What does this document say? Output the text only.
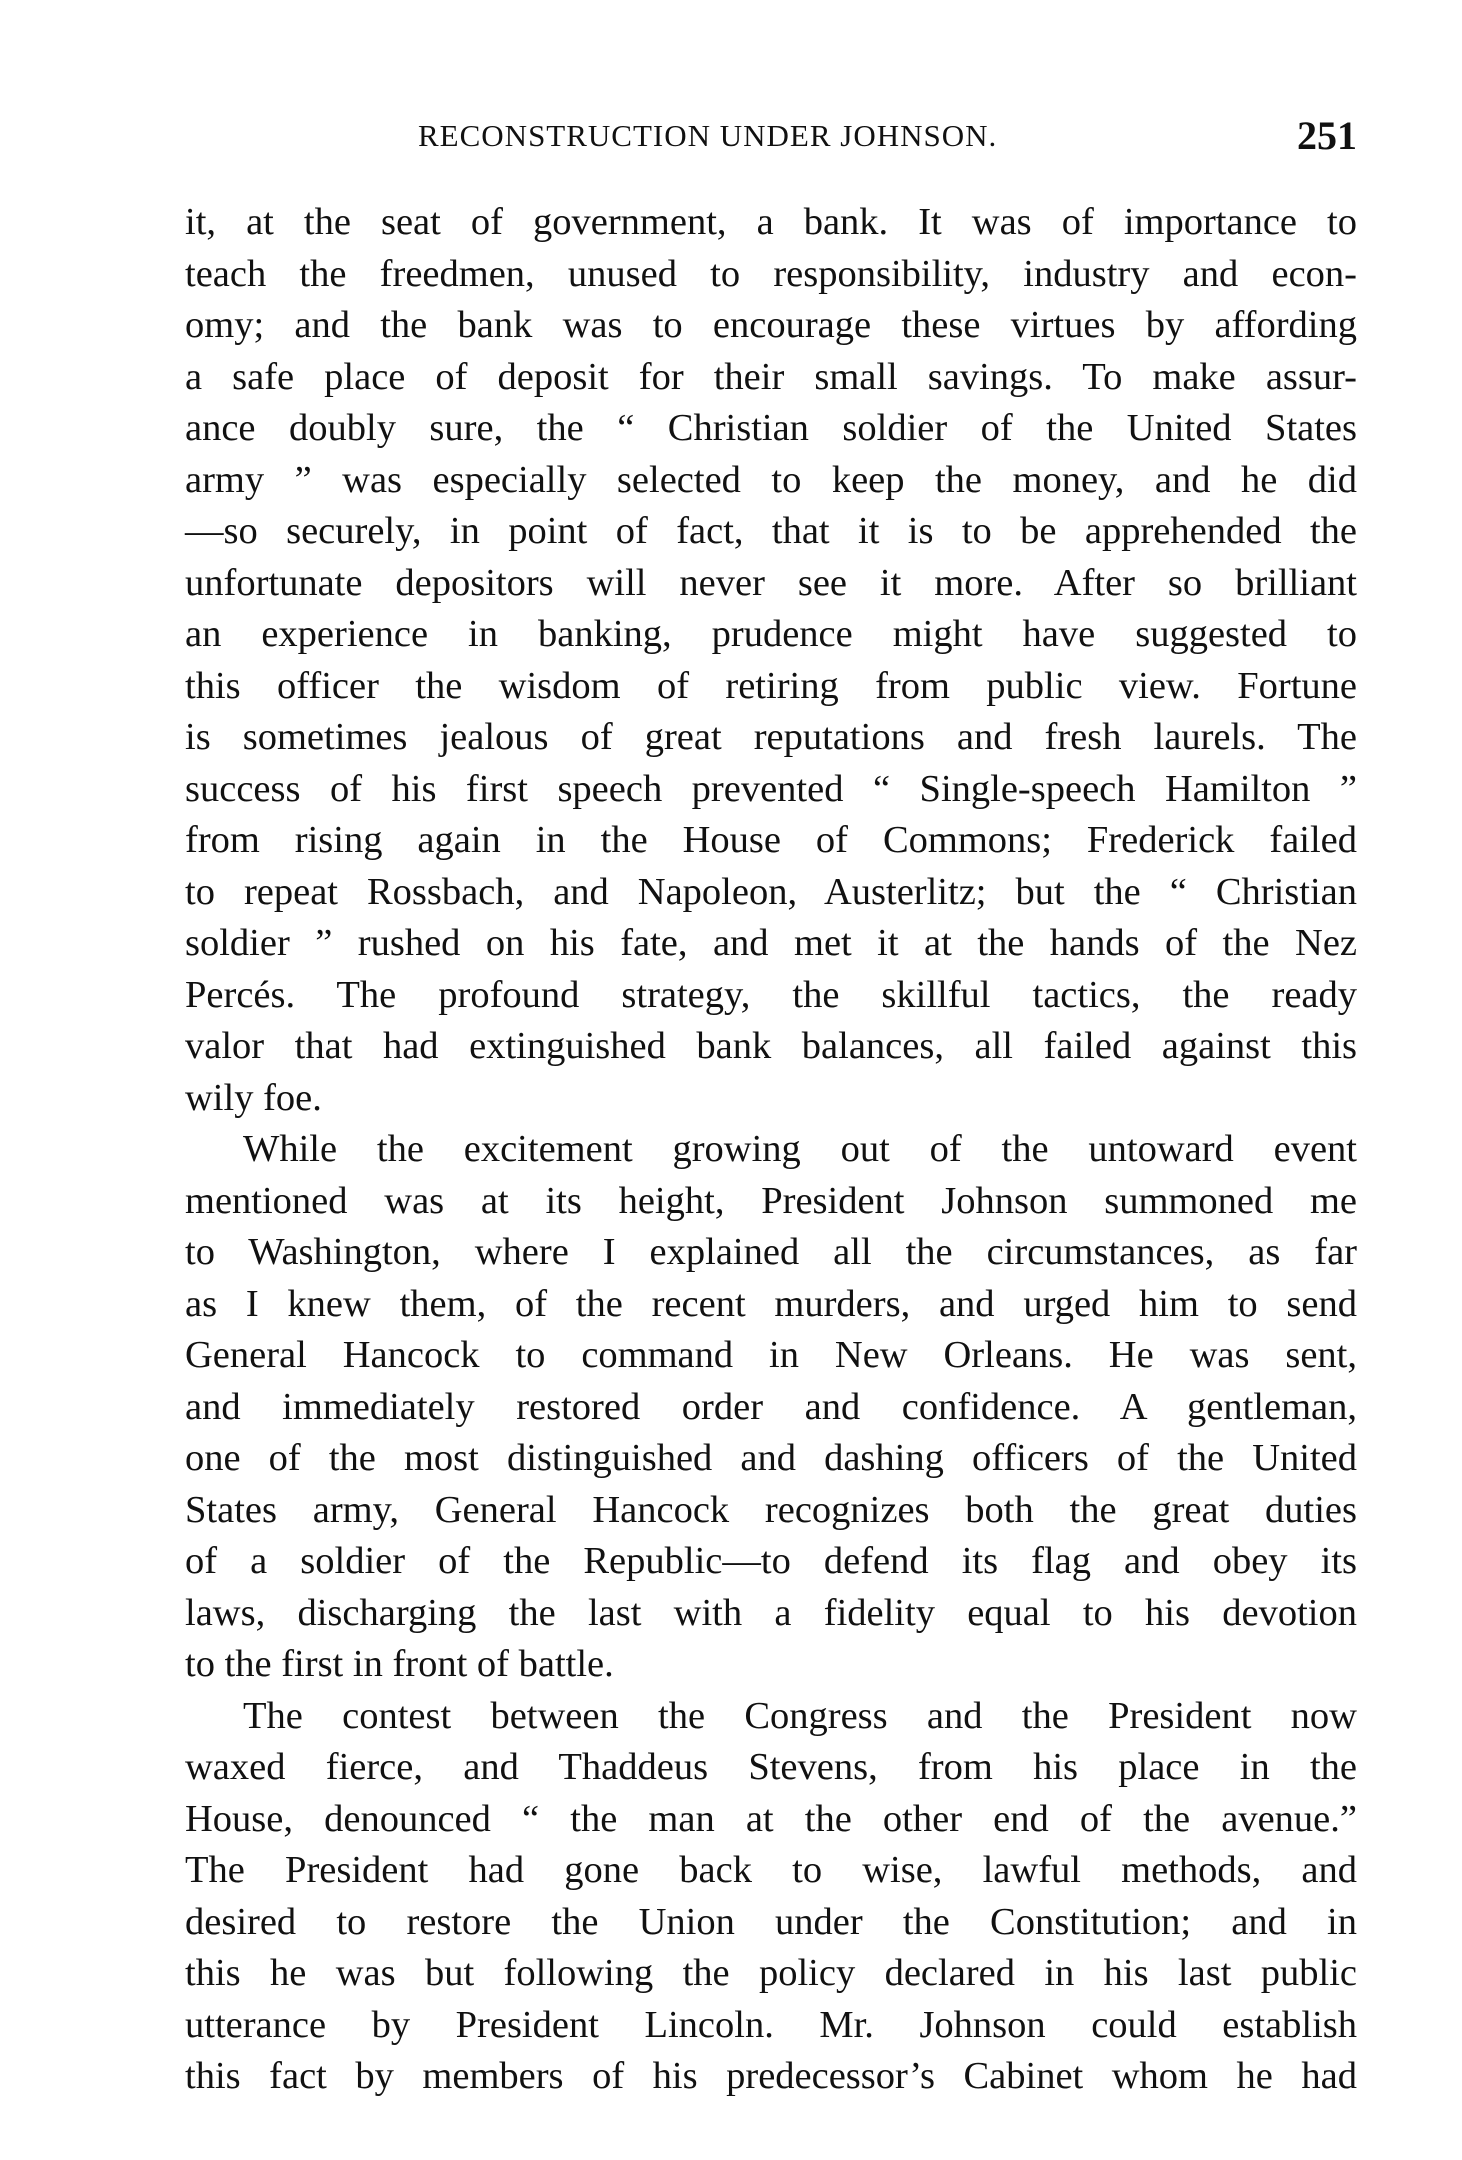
RECONSTRUCTION UNDER JOHNSON.	251
it, at the seat of government, a bank. It was of importance to
teach the freedmen, unused to responsibility, industry and econ-
omy; and the bank was to encourage these virtues by affording
a safe place of deposit for their small savings. To make assur-
ance doubly sure, the “ Christian soldier of the United States
army ” was especially selected to keep the money, and he did
—so securely, in point of fact, that it is to be apprehended the
unfortunate depositors will never see it more. After so brilliant
an experience in banking, prudence might have suggested to
this officer the wisdom of retiring from public view. Fortune
is sometimes jealous of great reputations and fresh laurels. The
success of his first speech prevented “ Single-speech Hamilton ”
from rising again in the House of Commons; Frederick failed
to repeat Rossbach, and Napoleon, Austerlitz; but the “ Christian
soldier ” rushed on his fate, and met it at the hands of the Nez
Percés. The profound strategy, the skillful tactics, the ready
valor that had extinguished bank balances, all failed against this
wily foe.
While the excitement growing out of the untoward event
mentioned was at its height, President Johnson summoned me
to Washington, where I explained all the circumstances, as far
as I knew them, of the recent murders, and urged him to send
General Hancock to command in New Orleans. He was sent,
and immediately restored order and confidence. A gentleman,
one of the most distinguished and dashing officers of the United
States army, General Hancock recognizes both the great duties
of a soldier of the Republic—to defend its flag and obey its
laws, discharging the last with a fidelity equal to his devotion
to the first in front of battle.
The contest between the Congress and the President now
waxed fierce, and Thaddeus Stevens, from his place in the
House, denounced “ the man at the other end of the avenue.”
The President had gone back to wise, lawful methods, and
desired to restore the Union under the Constitution; and in
this he was but following the policy declared in his last public
utterance by President Lincoln. Mr. Johnson could establish
this fact by members of his predecessor’s Cabinet whom he had
